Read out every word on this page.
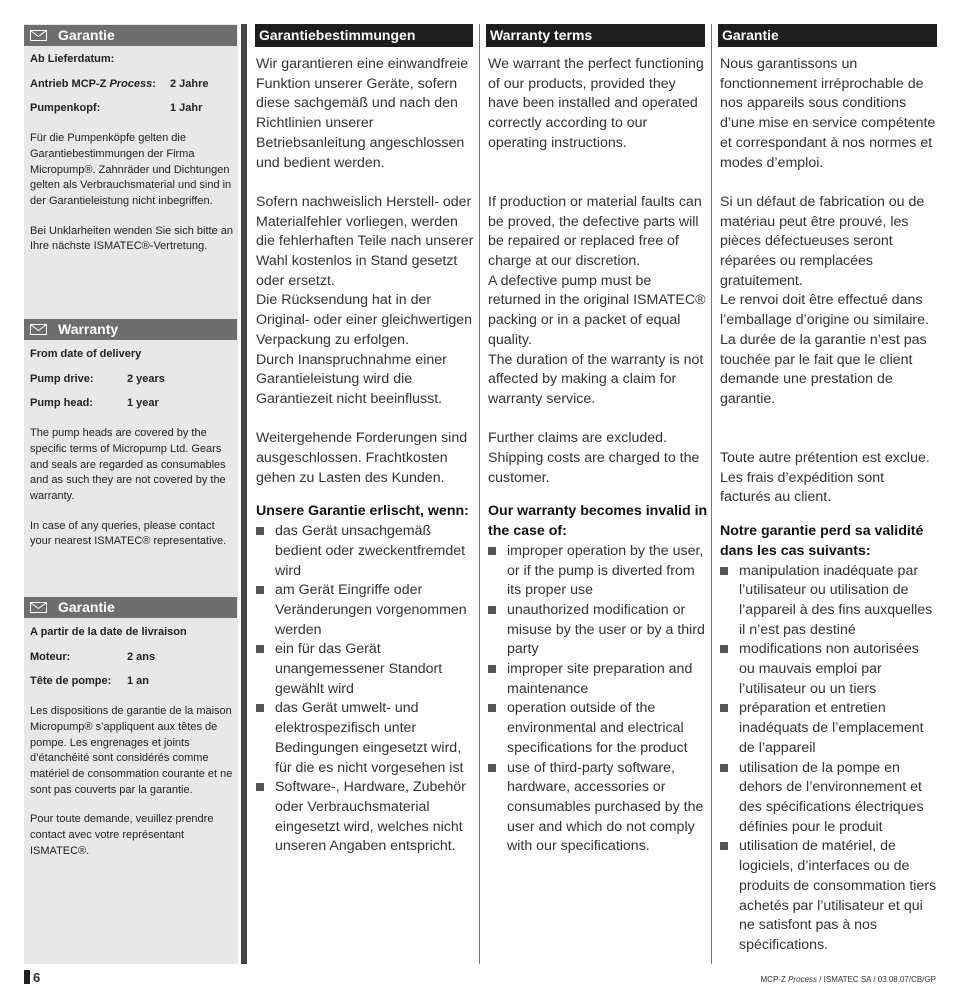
Garantie

Ab Lieferdatum:

Antrieb MCP-Z Process:	2 Jahre

Pumpenkopf:	1 Jahr

Für die Pumpenköpfe gelten die Garantiebestimmungen der Firma Micropump®. Zahnräder und Dichtungen gelten als Verbrauchsmaterial und sind in der Garantieleistung nicht inbegriffen.

Bei Unklarheiten wenden Sie sich bitte an Ihre nächste ISMATEC®-Vertretung.

Warranty

From date of delivery

Pump drive:	2 years

Pump head:	1 year

The pump heads are covered by the specific terms of Micropump Ltd. Gears and seals are regarded as consumables and as such they are not covered by the warranty.

In case of any queries, please contact your nearest ISMATEC® representative.

Garantie

A partir de la date de livraison

Moteur:	2 ans

Tête de pompe:	1 an

Les dispositions de garantie de la maison Micropump® s’appliquent aux têtes de pompe. Les engrenages et joints d’étanchéité sont considérés comme matériel de consommation courante et ne sont pas couverts par la garantie.

Pour toute demande, veuillez prendre contact avec votre représentant ISMATEC®.

Garantiebestimmungen	Warranty terms	Garantie

Wir garantieren eine einwandfreie Funktion unserer Geräte, sofern diese sachgemäß und nach den Richtlinien unserer Betriebsanleitung angeschlossen und bedient werden.

Sofern nachweislich Herstell- oder Materialfehler vorliegen, werden die fehlerhaften Teile nach unserer Wahl kostenlos in Stand gesetzt oder ersetzt.

Die Rücksendung hat in der Original- oder einer gleichwertigen Verpackung zu erfolgen.

Durch Inanspruchnahme einer Garantieleistung wird die Garantiezeit nicht beeinflusst.

Weitergehende Forderungen sind ausgeschlossen. Frachtkosten gehen zu Lasten des Kunden.

Unsere Garantie erlischt, wenn:

das Gerät unsachgemäß bedient oder zweckentfremdet wird
am Gerät Eingriffe oder Veränderungen vorgenommen werden
ein für das Gerät unangemessener Standort gewählt wird
das Gerät umwelt- und elektrospezifisch unter Bedingungen eingesetzt wird, für die es nicht vorgesehen ist
Software-, Hardware, Zubehör oder Verbrauchsmaterial eingesetzt wird, welches nicht unseren Angaben entspricht.

We warrant the perfect functioning of our products, provided they have been installed and operated correctly according to our operating instructions.

If production or material faults can be proved, the defective parts will be repaired or replaced free of charge at our discretion.

A defective pump must be returned in the original ISMATEC® packing or in a packet of equal quality.

The duration of the warranty is not affected by making a claim for warranty service.

Further claims are excluded. Shipping costs are charged to the customer.

Our warranty becomes invalid in the case of:

improper operation by the user, or if the pump is diverted from its proper use
unauthorized modification or misuse by the user or by a third party
improper site preparation and maintenance
operation outside of the environmental and electrical specifications for the product
use of third-party software, hardware, accessories or consumables purchased by the user and which do not comply with our specifications.

Nous garantissons un fonctionnement irréprochable de nos appareils sous conditions d’une mise en service compétente et correspondant à nos normes et modes d’emploi.

Si un défaut de fabrication ou de matériau peut être prouvé, les pièces défectueuses seront réparées ou remplacées gratuitement.

Le renvoi doit être effectué dans l’emballage d’origine ou similaire.

La durée de la garantie n’est pas touchée par le fait que le client demande une prestation de garantie.

Toute autre prétention est exclue. Les frais d’expédition sont facturés au client.

Notre garantie perd sa validité dans les cas suivants:

manipulation inadéquate par l’utilisateur ou utilisation de l’appareil à des fins auxquelles il n’est pas destiné
modifications non autorisées ou mauvais emploi par l’utilisateur ou un tiers
préparation et entretien inadéquats de l’emplacement de l’appareil
utilisation de la pompe en dehors de l’environnement et des spécifications électriques définies pour le produit
utilisation de matériel, de logiciels, d’interfaces ou de produits de consommation tiers achetés par l’utilisateur et qui ne satisfont pas à nos spécifications.
6	MCP-Z Process / ISMATEC SA / 03.08.07/CB/GP
